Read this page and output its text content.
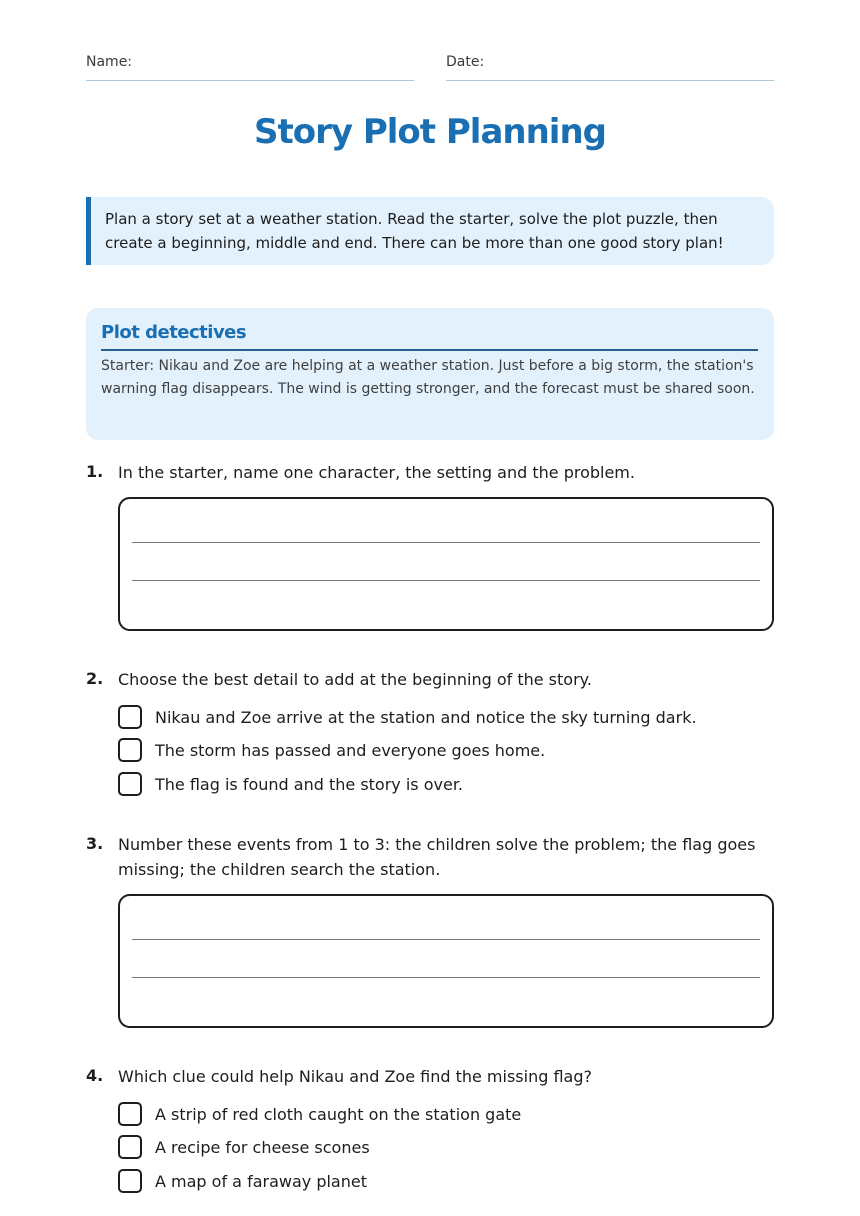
Name:	Date:
Story Plot Planning
Plan a story set at a weather station. Read the starter, solve the plot puzzle, then create a beginning, middle and end. There can be more than one good story plan!
Plot detectives
Starter: Nikau and Zoe are helping at a weather station. Just before a big storm, the station's warning flag disappears. The wind is getting stronger, and the forecast must be shared soon.
1. In the starter, name one character, the setting and the problem.
2. Choose the best detail to add at the beginning of the story.
Nikau and Zoe arrive at the station and notice the sky turning dark.
The storm has passed and everyone goes home.
The flag is found and the story is over.
3. Number these events from 1 to 3: the children solve the problem; the flag goes missing; the children search the station.
4. Which clue could help Nikau and Zoe find the missing flag?
A strip of red cloth caught on the station gate
A recipe for cheese scones
A map of a faraway planet
